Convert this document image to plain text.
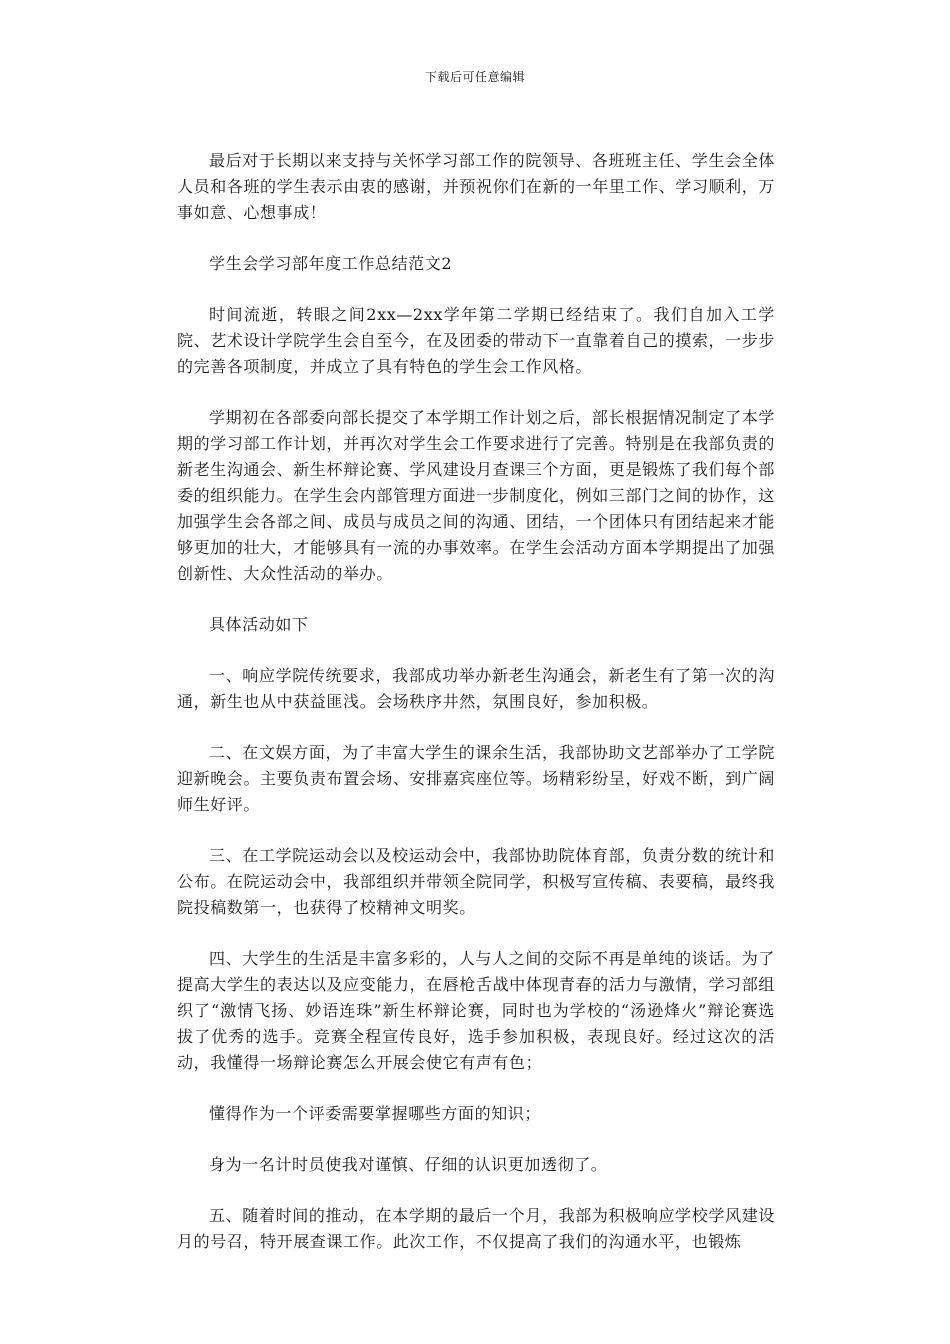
下载后可任意编辑

最后对于长期以来支持与关怀学习部工作的院领导、各班班主任、学生会全体人员和各班的学生表示由衷的感谢，并预祝你们在新的一年里工作、学习顺利，万事如意、心想事成！

学生会学习部年度工作总结范文2

时间流逝，转眼之间2xx—2xx学年第二学期已经结束了。我们自加入工学院、艺术设计学院学生会自至今，在及团委的带动下一直靠着自己的摸索，一步步的完善各项制度，并成立了具有特色的学生会工作风格。

学期初在各部委向部长提交了本学期工作计划之后，部长根据情况制定了本学期的学习部工作计划，并再次对学生会工作要求进行了完善。特别是在我部负责的新老生沟通会、新生杯辩论赛、学风建设月查课三个方面，更是锻炼了我们每个部委的组织能力。在学生会内部管理方面进一步制度化，例如三部门之间的协作，这加强学生会各部之间、成员与成员之间的沟通、团结，一个团体只有团结起来才能够更加的壮大，才能够具有一流的办事效率。在学生会活动方面本学期提出了加强创新性、大众性活动的举办。

具体活动如下

一、响应学院传统要求，我部成功举办新老生沟通会，新老生有了第一次的沟通，新生也从中获益匪浅。会场秩序井然，氛围良好，参加积极。

二、在文娱方面，为了丰富大学生的课余生活，我部协助文艺部举办了工学院迎新晚会。主要负责布置会场、安排嘉宾座位等。场精彩纷呈，好戏不断，到广阔师生好评。

三、在工学院运动会以及校运动会中，我部协助院体育部，负责分数的统计和公布。在院运动会中，我部组织并带领全院同学，积极写宣传稿、表要稿，最终我院投稿数第一，也获得了校精神文明奖。

四、大学生的生活是丰富多彩的，人与人之间的交际不再是单纯的谈话。为了提高大学生的表达以及应变能力，在唇枪舌战中体现青春的活力与激情，学习部组织了“激情飞扬、妙语连珠”新生杯辩论赛，同时也为学校的“汤逊烽火”辩论赛选拔了优秀的选手。竞赛全程宣传良好，选手参加积极，表现良好。经过这次的活动，我懂得一场辩论赛怎么开展会使它有声有色；

懂得作为一个评委需要掌握哪些方面的知识；

身为一名计时员使我对谨慎、仔细的认识更加透彻了。

五、随着时间的推动，在本学期的最后一个月，我部为积极响应学校学风建设月的号召，特开展查课工作。此次工作，不仅提高了我们的沟通水平，也锻炼
